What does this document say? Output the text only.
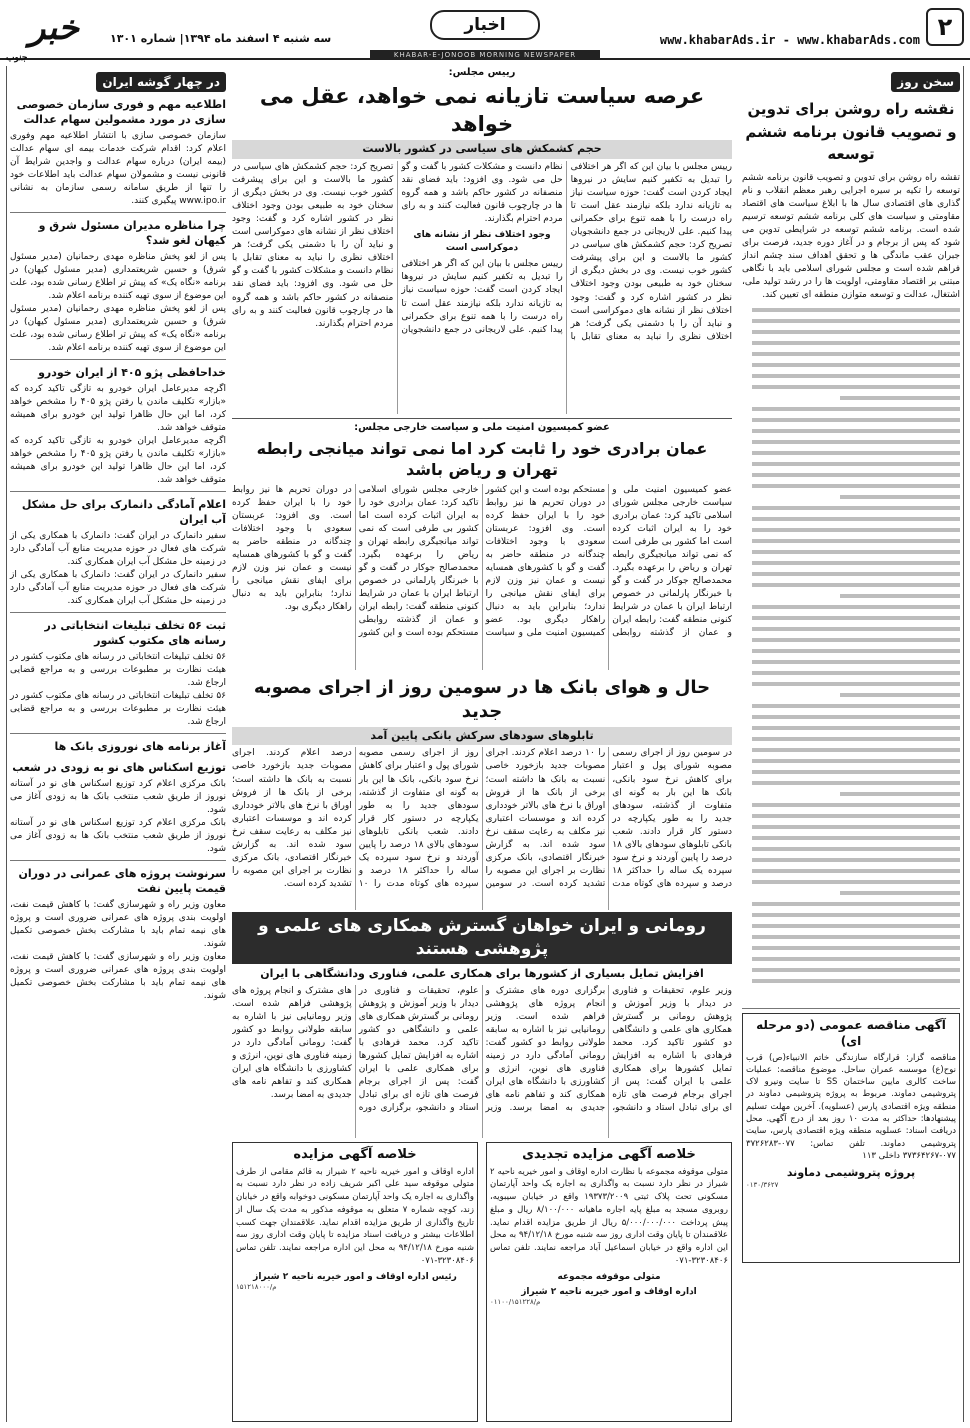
۲
www.khabarAds.ir - www.khabarAds.com
اخبار
سه شنبه ۴ اسفند ماه ۱۳۹۴| شماره ۱۳۰۱
خبر
جنوب	KHABAR-E-JONOOB MORNING NEWSPAPER
سخن روز
نقشه راه روشن برای تدوین و تصویب قانون برنامه ششم توسعه
تقشه راه روشن برای تدوین و تصویب قانون برنامه ششم توسعه را تکیه بر سیره اجرایی رهبر معظم انقلاب و نام گذاری های اقتصادی سال ها با ابلاغ سیاست های اقتصاد مقاومتی و سیاست های کلی برنامه ششم توسعه ترسیم شده است. برنامه ششم توسعه در شرایطی تدوین می شود که پس از برجام و در آغاز دوره جدید، فرصت برای جبران عقب ماندگی ها و تحقق اهداف سند چشم انداز فراهم شده است و مجلس شورای اسلامی باید با نگاهی مبتنی بر اقتصاد مقاومتی، اولویت ها را در رشد تولید ملی، اشتغال، عدالت و توسعه متوازن منطقه ای تعیین کند.
آگهی مناقصه عمومی (دو مرحله ای)
مناقصه گزار: قرارگاه سازندگی خاتم الانبیاء(ص) قرب نوح(ع) موسسه عمران ساحل. موضوع مناقصه: عملیات ساخت کالری مایین ساختمان SS تا سایت ونیرو لاک پتروشیمی دماوند. مربوط به پروژه پتروشیمی دماوند در منطقه ویژه اقتصادی پارس (عسلویه). آخرین مهلت تسلیم پیشنهادها: حداکثر به مدت ۱۰ روز بعد از درج آگهی. محل دریافت اسناد: عسلویه منطقه ویژه اقتصادی پارس، سایت پتروشیمی دماوند. تلفن تماس: ۰۷۷-۳۷۲۶۲۸۳ ۰۷۷-۳۷۳۶۴۲۶۷ داخلی ۱۱۳
پروژه پتروشیمی دماوند
۰۱۳۰/۳۶۲۷
رییس مجلس:
عرصه سیاست تازیانه نمی خواهد، عقل می خواهد
حجم کشمکش های سیاسی در کشور بالاست
رییس مجلس با بیان این که اگر هر اختلافی را تبدیل به تکفیر کنیم سایش در نیروها ایجاد کردن است گفت: حوزه سیاست نیاز به تازیانه ندارد بلکه نیازمند عقل است تا راه درست را با همه تنوع برای حکمرانی پیدا کنیم. علی لاریجانی در جمع دانشجویان تصریح کرد: حجم کشمکش های سیاسی در کشور ما بالاست و این برای پیشرفت کشور خوب نیست. وی در بخش دیگری از سخنان خود به طبیعی بودن وجود اختلاف نظر در کشور اشاره کرد و گفت: وجود اختلاف نظر از نشانه های دموکراسی است و نباید آن را با دشمنی یکی گرفت؛ هر اختلاف نظری را نباید به معنای تقابل با نظام دانست و مشکلات کشور با گفت و گو حل می شود. وی افزود: باید فضای نقد منصفانه در کشور حاکم باشد و همه گروه ها در چارچوب قانون فعالیت کنند و به رای مردم احترام بگذارند.
وجود اختلاف نظر از نشانه های دموکراسی است
رییس مجلس با بیان این که اگر هر اختلافی را تبدیل به تکفیر کنیم سایش در نیروها ایجاد کردن است گفت: حوزه سیاست نیاز به تازیانه ندارد بلکه نیازمند عقل است تا راه درست را با همه تنوع برای حکمرانی پیدا کنیم. علی لاریجانی در جمع دانشجویان تصریح کرد: حجم کشمکش های سیاسی در کشور ما بالاست و این برای پیشرفت کشور خوب نیست. وی در بخش دیگری از سخنان خود به طبیعی بودن وجود اختلاف نظر در کشور اشاره کرد و گفت: وجود اختلاف نظر از نشانه های دموکراسی است و نباید آن را با دشمنی یکی گرفت؛ هر اختلاف نظری را نباید به معنای تقابل با نظام دانست و مشکلات کشور با گفت و گو حل می شود. وی افزود: باید فضای نقد منصفانه در کشور حاکم باشد و همه گروه ها در چارچوب قانون فعالیت کنند و به رای مردم احترام بگذارند.
عضو کمیسیون امنیت ملی و سیاست خارجی مجلس:
عمان برادری خود را ثابت کرد اما نمی تواند میانجی رابطه تهران و ریاض باشد
عضو کمیسیون امنیت ملی و سیاست خارجی مجلس شورای اسلامی تاکید کرد: عمان برادری خود را به ایران اثبات کرده است اما کشور بی طرفی است که نمی تواند میانجیگری رابطه تهران و ریاض را برعهده بگیرد. محمدصالح جوکار در گفت و گو با خبرنگار پارلمانی در خصوص ارتباط ایران با عمان در شرایط کنونی منطقه گفت: رابطه ایران و عمان از گذشته روابطی مستحکم بوده است و این کشور در دوران تحریم ها نیز روابط خود را با ایران حفظ کرده است. وی افزود: عربستان سعودی با وجود اختلافات چندگانه در منطقه حاضر به گفت و گو با کشورهای همسایه نیست و عمان نیز وزن لازم برای ایفای نقش میانجی را ندارد؛ بنابراین باید به دنبال راهکار دیگری بود. عضو کمیسیون امنیت ملی و سیاست خارجی مجلس شورای اسلامی تاکید کرد: عمان برادری خود را به ایران اثبات کرده است اما کشور بی طرفی است که نمی تواند میانجیگری رابطه تهران و ریاض را برعهده بگیرد. محمدصالح جوکار در گفت و گو با خبرنگار پارلمانی در خصوص ارتباط ایران با عمان در شرایط کنونی منطقه گفت: رابطه ایران و عمان از گذشته روابطی مستحکم بوده است و این کشور در دوران تحریم ها نیز روابط خود را با ایران حفظ کرده است. وی افزود: عربستان سعودی با وجود اختلافات چندگانه در منطقه حاضر به گفت و گو با کشورهای همسایه نیست و عمان نیز وزن لازم برای ایفای نقش میانجی را ندارد؛ بنابراین باید به دنبال راهکار دیگری بود.
حال و هوای بانک ها در سومین روز از اجرای مصوبه جدید
تابلوهای سودهای سرکش بانکی پایین آمد
در سومین روز از اجرای رسمی مصوبه شورای پول و اعتبار برای کاهش نرخ سود بانکی، بانک ها این بار به گونه ای متفاوت از گذشته، سودهای جدید را به طور یکپارچه در دستور کار قرار دادند. شعب بانکی تابلوهای سودهای بالای ۱۸ درصد را پایین آوردند و نرخ سود سپرده یک ساله را حداکثر ۱۸ درصد و سپرده های کوتاه مدت را ۱۰ درصد اعلام کردند. اجرای مصوبات جدید بازخورد خاصی نسبت به بانک ها داشته است؛ برخی از بانک ها از فروش اوراق با نرخ های بالاتر خودداری کرده اند و موسسات اعتباری نیز مکلف به رعایت سقف نرخ سود شده اند. به گزارش خبرنگار اقتصادی، بانک مرکزی نظارت بر اجرای این مصوبه را تشدید کرده است. در سومین روز از اجرای رسمی مصوبه شورای پول و اعتبار برای کاهش نرخ سود بانکی، بانک ها این بار به گونه ای متفاوت از گذشته، سودهای جدید را به طور یکپارچه در دستور کار قرار دادند. شعب بانکی تابلوهای سودهای بالای ۱۸ درصد را پایین آوردند و نرخ سود سپرده یک ساله را حداکثر ۱۸ درصد و سپرده های کوتاه مدت را ۱۰ درصد اعلام کردند. اجرای مصوبات جدید بازخورد خاصی نسبت به بانک ها داشته است؛ برخی از بانک ها از فروش اوراق با نرخ های بالاتر خودداری کرده اند و موسسات اعتباری نیز مکلف به رعایت سقف نرخ سود شده اند. به گزارش خبرنگار اقتصادی، بانک مرکزی نظارت بر اجرای این مصوبه را تشدید کرده است.
رومانی و ایران خواهان گسترش همکاری های علمی و پژوهشی هستند
افزایش تمایل بسیاری از کشورها برای همکاری علمی، فناوری ودانشگاهی با ایران
وزیر علوم، تحقیقات و فناوری در دیدار با وزیر آموزش و پژوهش رومانی بر گسترش همکاری های علمی و دانشگاهی دو کشور تاکید کرد. محمد فرهادی با اشاره به افزایش تمایل کشورها برای همکاری علمی با ایران گفت: پس از اجرای برجام فرصت های تازه ای برای تبادل استاد و دانشجو، برگزاری دوره های مشترک و انجام پروژه های پژوهشی فراهم شده است. وزیر رومانیایی نیز با اشاره به سابقه طولانی روابط دو کشور گفت: رومانی آمادگی دارد در زمینه فناوری های نوین، انرژی و کشاورزی با دانشگاه های ایران همکاری کند و تفاهم نامه های جدیدی به امضا برسد. وزیر علوم، تحقیقات و فناوری در دیدار با وزیر آموزش و پژوهش رومانی بر گسترش همکاری های علمی و دانشگاهی دو کشور تاکید کرد. محمد فرهادی با اشاره به افزایش تمایل کشورها برای همکاری علمی با ایران گفت: پس از اجرای برجام فرصت های تازه ای برای تبادل استاد و دانشجو، برگزاری دوره های مشترک و انجام پروژه های پژوهشی فراهم شده است. وزیر رومانیایی نیز با اشاره به سابقه طولانی روابط دو کشور گفت: رومانی آمادگی دارد در زمینه فناوری های نوین، انرژی و کشاورزی با دانشگاه های ایران همکاری کند و تفاهم نامه های جدیدی به امضا برسد.
خلاصه آگهی مزایده تجدیدی
متولی موقوفه مجموعه با نظارت اداره اوقاف و امور خیریه ناحیه ۲ شیراز در نظر دارد نسبت به واگذاری به اجاره یک واحد آپارتمان مسکونی تحت پلاک ثبتی ۱۹۳۷۳/۲۰۰۹ واقع در خیابان سیبویه، روبروی مسجد به مبلغ پایه اجاره ماهیانه ۸/۱۰۰/۰۰۰ ریال و مبلغ پیش پرداخت ۵/۰۰۰/۰۰۰/۰۰۰ ریال از طریق مزایده اقدام نماید. علاقمندان تا پایان وقت اداری روز سه شنبه مورخ ۹۴/۱۲/۱۸ به محل این اداره واقع در خیابان اسماعیل آباد مراجعه نمایند. تلفن تماس ۳۲۳۰۸۴۰۶-۰۷۱
متولی موقوفه مجموعه
اداره اوقاف و امور خیریه ناحیه ۲ شیراز
۰۱۱۰۰/م/۱۵۱۲۲۸
خلاصه آگهی مزایده
اداره اوقاف و امور خیریه ناحیه ۲ شیراز به قائم مقامی از طرف متولی موقوفه سید علی اکبر شریف زاده در نظر دارد نسبت به واگذاری به اجاره یک واحد آپارتمان مسکونی دوخوابه واقع در خیابان زند، کوچه شماره ۷ متعلق به موقوفه مذکور به مدت یک سال از تاریخ واگذاری از طریق مزایده اقدام نماید. علاقمندان جهت کسب اطلاعات بیشتر و دریافت اسناد مزایده تا پایان وقت اداری روز سه شنبه مورخ ۹۴/۱۲/۱۸ به محل این اداره مراجعه نمایند. تلفن تماس ۳۲۳۰۸۴۰۶-۰۷۱
رئیس اداره اوقاف و امور خیریه ناحیه ۲ شیراز
۱۵۱۲۱۸۰۰۰/م
در چهار گوشه ایران
اطلاعیه مهم و فوری سازمان خصوصی سازی در مورد مشمولین سهام عدالت
سازمان خصوصی سازی با انتشار اطلاعیه مهم وفوری اعلام کرد: اقدام شرکت خدمات بیمه ای سهام عدالت (بیمه ایران) درباره سهام عدالت و واجدین شرایط آن قانونی نیست و مشمولان سهام عدالت باید اطلاعات خود را تنها از طریق سامانه رسمی سازمان به نشانی www.ipo.ir پیگیری کنند.
چرا مناظره مدیران مسئول شرق و کیهان لغو شد؟
پس از لغو پخش مناظره مهدی رحمانیان (مدیر مسئول شرق) و حسین شریعتمداری (مدیر مسئول کیهان) در برنامه «نگاه یک» که پیش تر اطلاع رسانی شده بود، علت این موضوع از سوی تهیه کننده برنامه اعلام شد.
پس از لغو پخش مناظره مهدی رحمانیان (مدیر مسئول شرق) و حسین شریعتمداری (مدیر مسئول کیهان) در برنامه «نگاه یک» که پیش تر اطلاع رسانی شده بود، علت این موضوع از سوی تهیه کننده برنامه اعلام شد.
خداحافظی پژو ۴۰۵ از ایران خودرو
اگرچه مدیرعامل ایران خودرو به تازگی تاکید کرده که «بازار» تکلیف ماندن یا رفتن پژو ۴۰۵ را مشخص خواهد کرد، اما این حال ظاهرا تولید این خودرو برای همیشه متوقف خواهد شد.
اگرچه مدیرعامل ایران خودرو به تازگی تاکید کرده که «بازار» تکلیف ماندن یا رفتن پژو ۴۰۵ را مشخص خواهد کرد، اما این حال ظاهرا تولید این خودرو برای همیشه متوقف خواهد شد.
اعلام آمادگی دانمارک برای حل مشکل آب ایران
سفیر دانمارک در ایران گفت: دانمارک با همکاری یکی از شرکت های فعال در حوزه مدیریت منابع آب آمادگی دارد در زمینه حل مشکل آب ایران همکاری کند.
سفیر دانمارک در ایران گفت: دانمارک با همکاری یکی از شرکت های فعال در حوزه مدیریت منابع آب آمادگی دارد در زمینه حل مشکل آب ایران همکاری کند.
ثبت ۵۶ تخلف تبلیغات انتخاباتی در رسانه های مکتوب کشور
۵۶ تخلف تبلیغات انتخاباتی در رسانه های مکتوب کشور در هیئت نظارت بر مطبوعات بررسی و به مراجع قضایی ارجاع شد.
۵۶ تخلف تبلیغات انتخاباتی در رسانه های مکتوب کشور در هیئت نظارت بر مطبوعات بررسی و به مراجع قضایی ارجاع شد.
آغاز برنامه های نوروزی بانک ها
توزیع اسکناس های نو به زودی در شعب
بانک مرکزی اعلام کرد توزیع اسکناس های نو در آستانه نوروز از طریق شعب منتخب بانک ها به زودی آغاز می شود.
بانک مرکزی اعلام کرد توزیع اسکناس های نو در آستانه نوروز از طریق شعب منتخب بانک ها به زودی آغاز می شود.
سرنوشت پروژه های عمرانی در دوران قیمت پایین نفت
معاون وزیر راه و شهرسازی گفت: با کاهش قیمت نفت، اولویت بندی پروژه های عمرانی ضروری است و پروژه های نیمه تمام باید با مشارکت بخش خصوصی تکمیل شوند.
معاون وزیر راه و شهرسازی گفت: با کاهش قیمت نفت، اولویت بندی پروژه های عمرانی ضروری است و پروژه های نیمه تمام باید با مشارکت بخش خصوصی تکمیل شوند.
